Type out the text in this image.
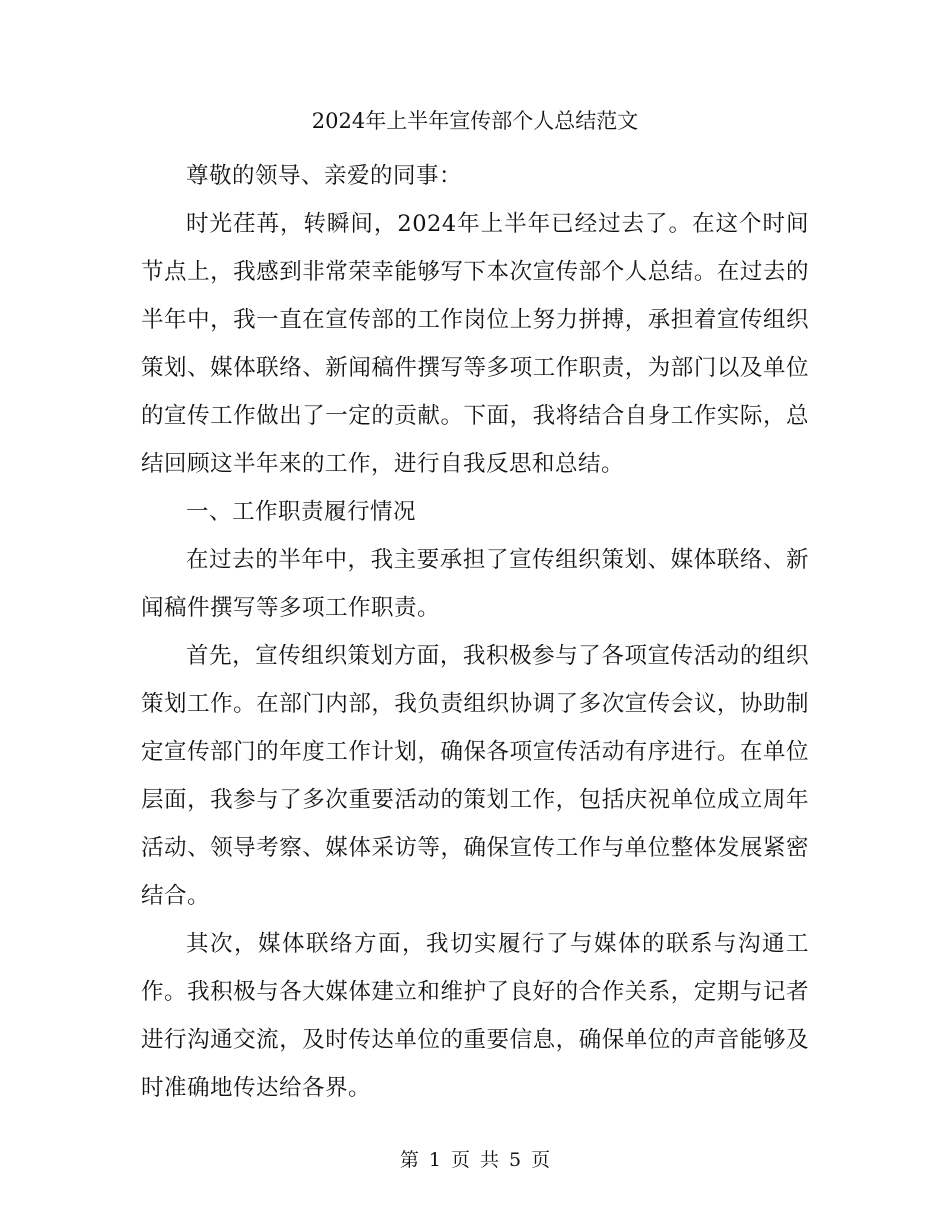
2024年上半年宣传部个人总结范文

尊敬的领导、亲爱的同事：

时光荏苒，转瞬间，2024年上半年已经过去了。在这个时间节点上，我感到非常荣幸能够写下本次宣传部个人总结。在过去的半年中，我一直在宣传部的工作岗位上努力拼搏，承担着宣传组织策划、媒体联络、新闻稿件撰写等多项工作职责，为部门以及单位的宣传工作做出了一定的贡献。下面，我将结合自身工作实际，总结回顾这半年来的工作，进行自我反思和总结。

一、工作职责履行情况

在过去的半年中，我主要承担了宣传组织策划、媒体联络、新闻稿件撰写等多项工作职责。

首先，宣传组织策划方面，我积极参与了各项宣传活动的组织策划工作。在部门内部，我负责组织协调了多次宣传会议，协助制定宣传部门的年度工作计划，确保各项宣传活动有序进行。在单位层面，我参与了多次重要活动的策划工作，包括庆祝单位成立周年活动、领导考察、媒体采访等，确保宣传工作与单位整体发展紧密结合。

其次，媒体联络方面，我切实履行了与媒体的联系与沟通工作。我积极与各大媒体建立和维护了良好的合作关系，定期与记者进行沟通交流，及时传达单位的重要信息，确保单位的声音能够及时准确地传达给各界。

第 1 页 共 5 页
